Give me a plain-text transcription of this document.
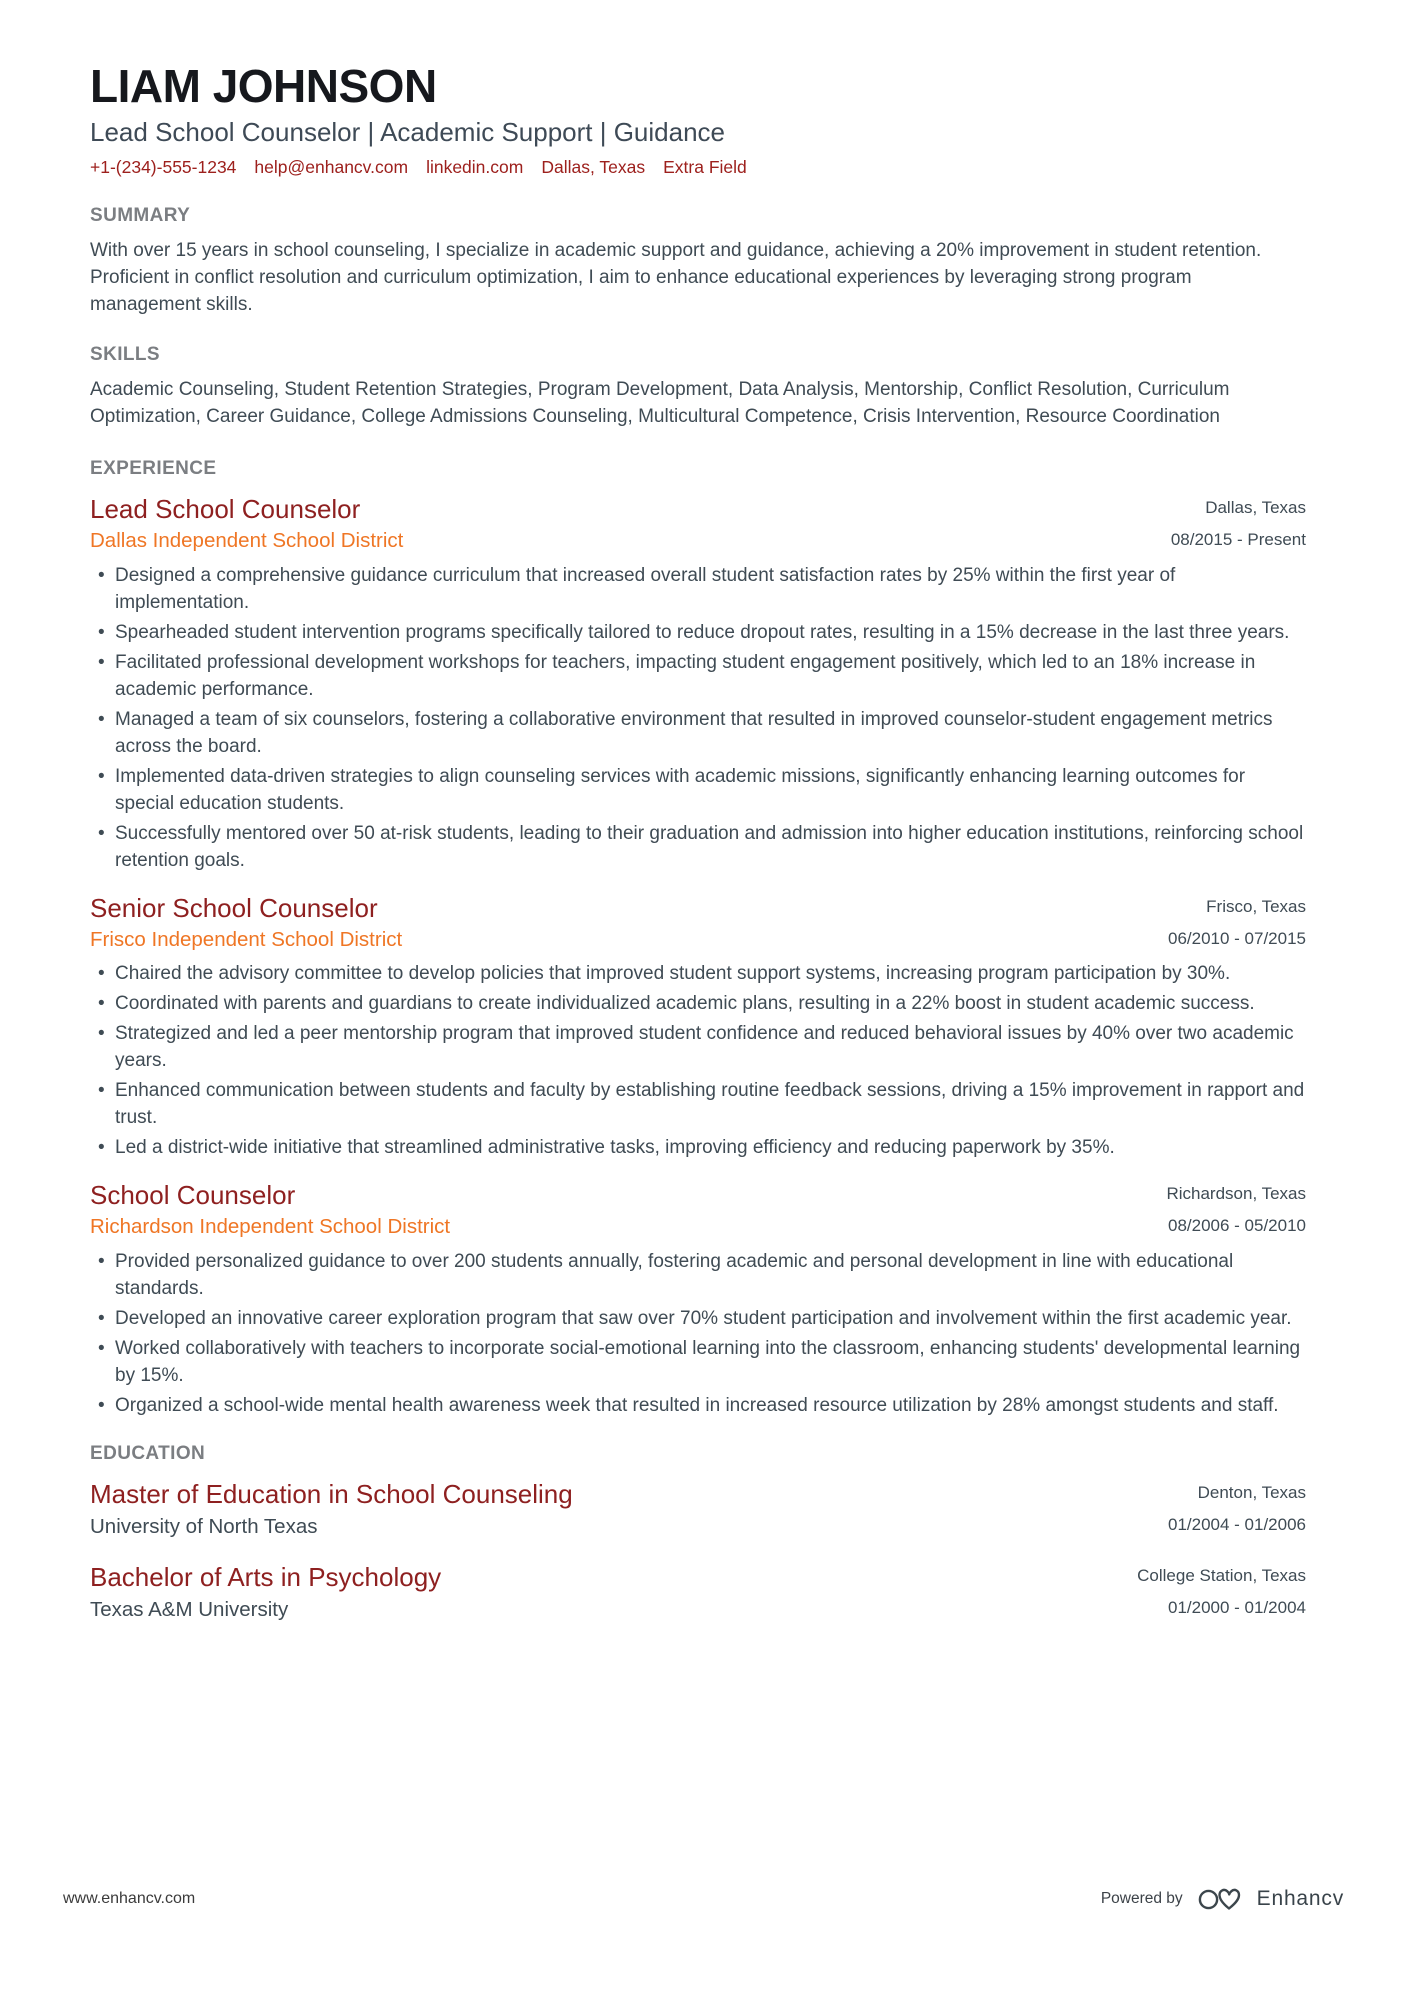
LIAM JOHNSON
Lead School Counselor | Academic Support | Guidance
+1-(234)-555-1234 help@enhancv.com linkedin.com Dallas, Texas Extra Field
SUMMARY

With over 15 years in school counseling, I specialize in academic support and guidance, achieving a 20% improvement in student retention. Proficient in conflict resolution and curriculum optimization, I aim to enhance educational experiences by leveraging strong program management skills.

SKILLS

Academic Counseling, Student Retention Strategies, Program Development, Data Analysis, Mentorship, Conflict Resolution, Curriculum Optimization, Career Guidance, College Admissions Counseling, Multicultural Competence, Crisis Intervention, Resource Coordination

EXPERIENCE
Lead School Counselor
Dallas Independent School District
Dallas, Texas
08/2015 - Present
• Designed a comprehensive guidance curriculum that increased overall student satisfaction rates by 25% within the first year of implementation.
• Spearheaded student intervention programs specifically tailored to reduce dropout rates, resulting in a 15% decrease in the last three years.
• Facilitated professional development workshops for teachers, impacting student engagement positively, which led to an 18% increase in academic performance.
• Managed a team of six counselors, fostering a collaborative environment that resulted in improved counselor-student engagement metrics across the board.
• Implemented data-driven strategies to align counseling services with academic missions, significantly enhancing learning outcomes for special education students.
• Successfully mentored over 50 at-risk students, leading to their graduation and admission into higher education institutions, reinforcing school retention goals.
Senior School Counselor
Frisco Independent School District
Frisco, Texas
06/2010 - 07/2015
• Chaired the advisory committee to develop policies that improved student support systems, increasing program participation by 30%.
• Coordinated with parents and guardians to create individualized academic plans, resulting in a 22% boost in student academic success.
• Strategized and led a peer mentorship program that improved student confidence and reduced behavioral issues by 40% over two academic years.
• Enhanced communication between students and faculty by establishing routine feedback sessions, driving a 15% improvement in rapport and trust.
• Led a district-wide initiative that streamlined administrative tasks, improving efficiency and reducing paperwork by 35%.
School Counselor
Richardson Independent School District
Richardson, Texas
08/2006 - 05/2010
• Provided personalized guidance to over 200 students annually, fostering academic and personal development in line with educational standards.
• Developed an innovative career exploration program that saw over 70% student participation and involvement within the first academic year.
• Worked collaboratively with teachers to incorporate social-emotional learning into the classroom, enhancing students' developmental learning by 15%.
• Organized a school-wide mental health awareness week that resulted in increased resource utilization by 28% amongst students and staff.
EDUCATION
Master of Education in School Counseling
University of North Texas
Denton, Texas
01/2004 - 01/2006
Bachelor of Arts in Psychology
Texas A&M University
College Station, Texas
01/2000 - 01/2004
www.enhancv.com	Powered by	Enhancv
